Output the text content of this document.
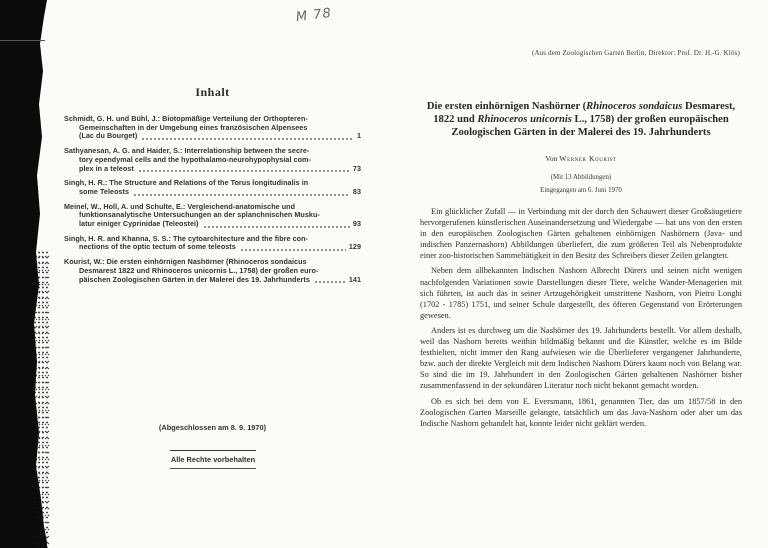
M 78
Inhalt
Schmidt, G. H. und Bühl, J.: Biotopmäßige Verteilung der Orthopteren-
Gemeinschaften in der Umgebung eines französischen Alpensees
(Lac du Bourget)	1
Sathyanesan, A. G. and Haider, S.: Interrelationship between the secre-
tory ependymal cells and the hypothalamo-neurohypophysial com-
plex in a teleost	73
Singh, H. R.: The Structure and Relations of the Torus longitudinalis in
some Teleosts	83
Meinel, W., Holl, A. und Schulte, E.: Vergleichend-anatomische und
funktionsanalytische Untersuchungen an der splanchnischen Musku-
latur einiger Cyprinidae (Teleostei)	93
Singh, H. R. and Khanna, S. S.: The cytoarchitecture and the fibre con-
nections of the optic tectum of some teleosts	129
Kourist, W.: Die ersten einhörnigen Nashörner (Rhinoceros sondaicus
Desmarest 1822 und Rhinoceros unicornis L., 1758) der großen euro-
päischen Zoologischen Gärten in der Malerei des 19. Jahrhunderts	141
(Abgeschlossen am 8. 9. 1970)
Alle Rechte vorbehalten
(Aus dem Zoologischen Garten Berlin, Direktor: Prof. Dr. H.-G. Klös)
Die ersten einhörnigen Nashörner (Rhinoceros sondaicus Desmarest, 1822 und Rhinoceros unicornis L., 1758) der großen europäischen Zoologischen Gärten in der Malerei des 19. Jahrhunderts
Von Werner Kourist
(Mit 13 Abbildungen)
Eingegangen am 6. Juni 1970

Ein glücklicher Zufall — in Verbindung mit der durch den Schauwert dieser Großsäugetiere hervorgerufenen künstlerischen Auseinandersetzung und Wiedergabe — hat uns von den ersten in den europäischen Zoologischen Gärten gehaltenen einhörnigen Nashörnern (Java- und indischen Panzernashorn) Abbildungen überliefert, die zum größeren Teil als Nebenprodukte einer zoo-historischen Sammeltätigkeit in den Besitz des Schreibers dieser Zeilen gelangten.

Neben dem allbekannten Indischen Nashorn Albrecht Dürers und seinen nicht wenigen nachfolgenden Variationen sowie Darstellungen dieser Tiere, welche Wander-Menagerien mit sich führten, ist auch das in seiner Artzugehörigkeit umstrittene Nashorn, von Pietro Longhi (1702 - 1785) 1751, und seiner Schule dargestellt, des öfteren Gegenstand von Erörterungen gewesen.

Anders ist es durchweg um die Nashörner des 19. Jahrhunderts bestellt. Vor allem deshalb, weil das Nashorn bereits weithin bildmäßig bekannt und die Künstler, welche es im Bilde festhielten, nicht immer den Rang aufwiesen wie die Überlieferer vergangener Jahrhunderte, bzw. auch der direkte Vergleich mit dem Indischen Nashorn Dürers kaum noch von Belang war. So sind die im 19. Jahrhundert in den Zoologischen Gärten gehaltenen Nashörner bisher zusammenfassend in der sekundären Literatur noch nicht bekannt gemacht worden.

Ob es sich bei dem von E. Eversmann, 1861, genannten Tier, das um 1857/58 in den Zoologischen Garten Marseille gelangte, tatsächlich um das Java-Nashorn oder aber um das Indische Nashorn gehandelt hat, konnte leider nicht geklärt werden.
